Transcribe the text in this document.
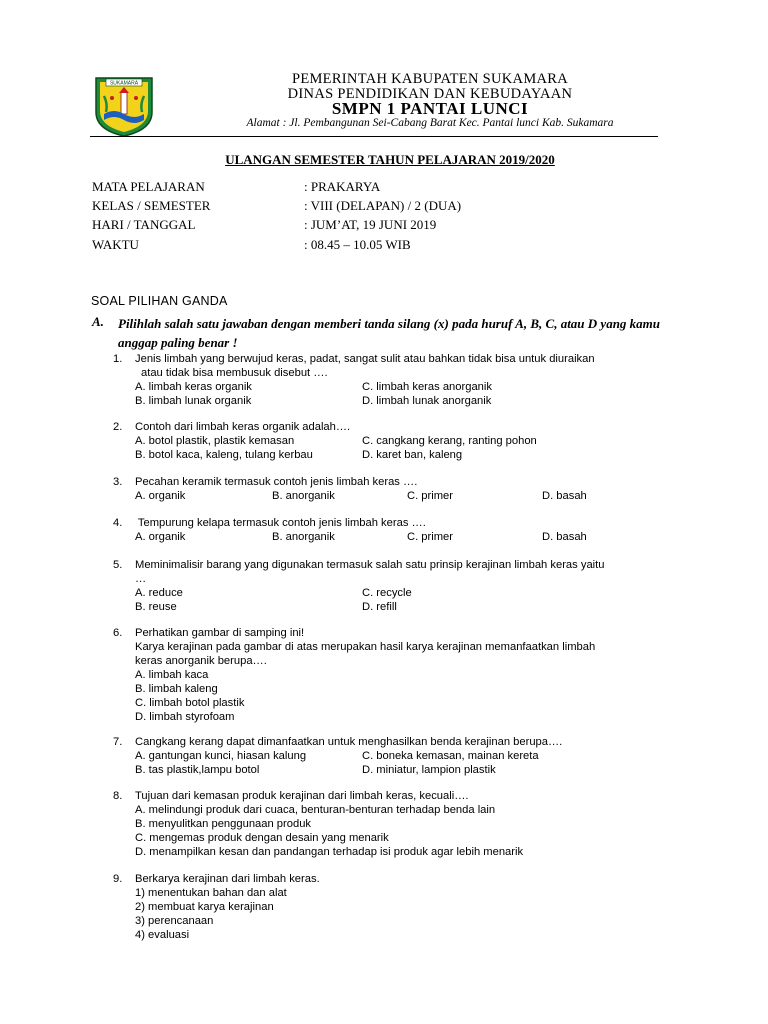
SUKAMARA	PEMERINTAH KABUPATEN SUKAMARA

DINAS PENDIDIKAN DAN KEBUDAYAAN

SMPN 1 PANTAI LUNCI

Alamat : Jl. Pembangunan Sei-Cabang Barat Kec. Pantai lunci Kab. Sukamara

ULANGAN SEMESTER TAHUN PELAJARAN 2019/2020
MATA PELAJARAN	: PRAKARYA
KELAS / SEMESTER	: VIII (DELAPAN) / 2 (DUA)
HARI / TANGGAL	: JUM’AT, 19 JUNI 2019
WAKTU	: 08.45 – 10.05 WIB
SOAL PILIHAN GANDA
A. Pilihlah salah satu jawaban dengan memberi tanda silang (x) pada huruf A, B, C, atau D yang kamu anggap paling benar !
1.	Jenis limbah yang berwujud keras, padat, sangat sulit atau bahkan tidak bisa untuk diuraikan
atau tidak bisa membusuk disebut ….
A. limbah keras organik	C. limbah keras anorganik
B. limbah lunak organik	D. limbah lunak anorganik
2.	Contoh dari limbah keras organik adalah….
A. botol plastik, plastik kemasan	C. cangkang kerang, ranting pohon
B. botol kaca, kaleng, tulang kerbau	D. karet ban, kaleng
3.	Pecahan keramik termasuk contoh jenis limbah keras ….
A. organik	B. anorganik	C. primer	D. basah
4.	Tempurung kelapa termasuk contoh jenis limbah keras ….
A. organik	B. anorganik	C. primer	D. basah
5.	Meminimalisir barang yang digunakan termasuk salah satu prinsip kerajinan limbah keras yaitu
…
A. reduce	C. recycle
B. reuse	D. refill
6.	Perhatikan gambar di samping ini!
Karya kerajinan pada gambar di atas merupakan hasil karya kerajinan memanfaatkan limbah
keras anorganik berupa….
A. limbah kaca
B. limbah kaleng
C. limbah botol plastik
D. limbah styrofoam
7.	Cangkang kerang dapat dimanfaatkan untuk menghasilkan benda kerajinan berupa….
A. gantungan kunci, hiasan kalung	C. boneka kemasan, mainan kereta
B. tas plastik,lampu botol	D. miniatur, lampion plastik
8.	Tujuan dari kemasan produk kerajinan dari limbah keras, kecuali….
A. melindungi produk dari cuaca, benturan-benturan terhadap benda lain
B. menyulitkan penggunaan produk
C. mengemas produk dengan desain yang menarik
D. menampilkan kesan dan pandangan terhadap isi produk agar lebih menarik
9.	Berkarya kerajinan dari limbah keras.
1) menentukan bahan dan alat
2) membuat karya kerajinan
3) perencanaan
4) evaluasi
